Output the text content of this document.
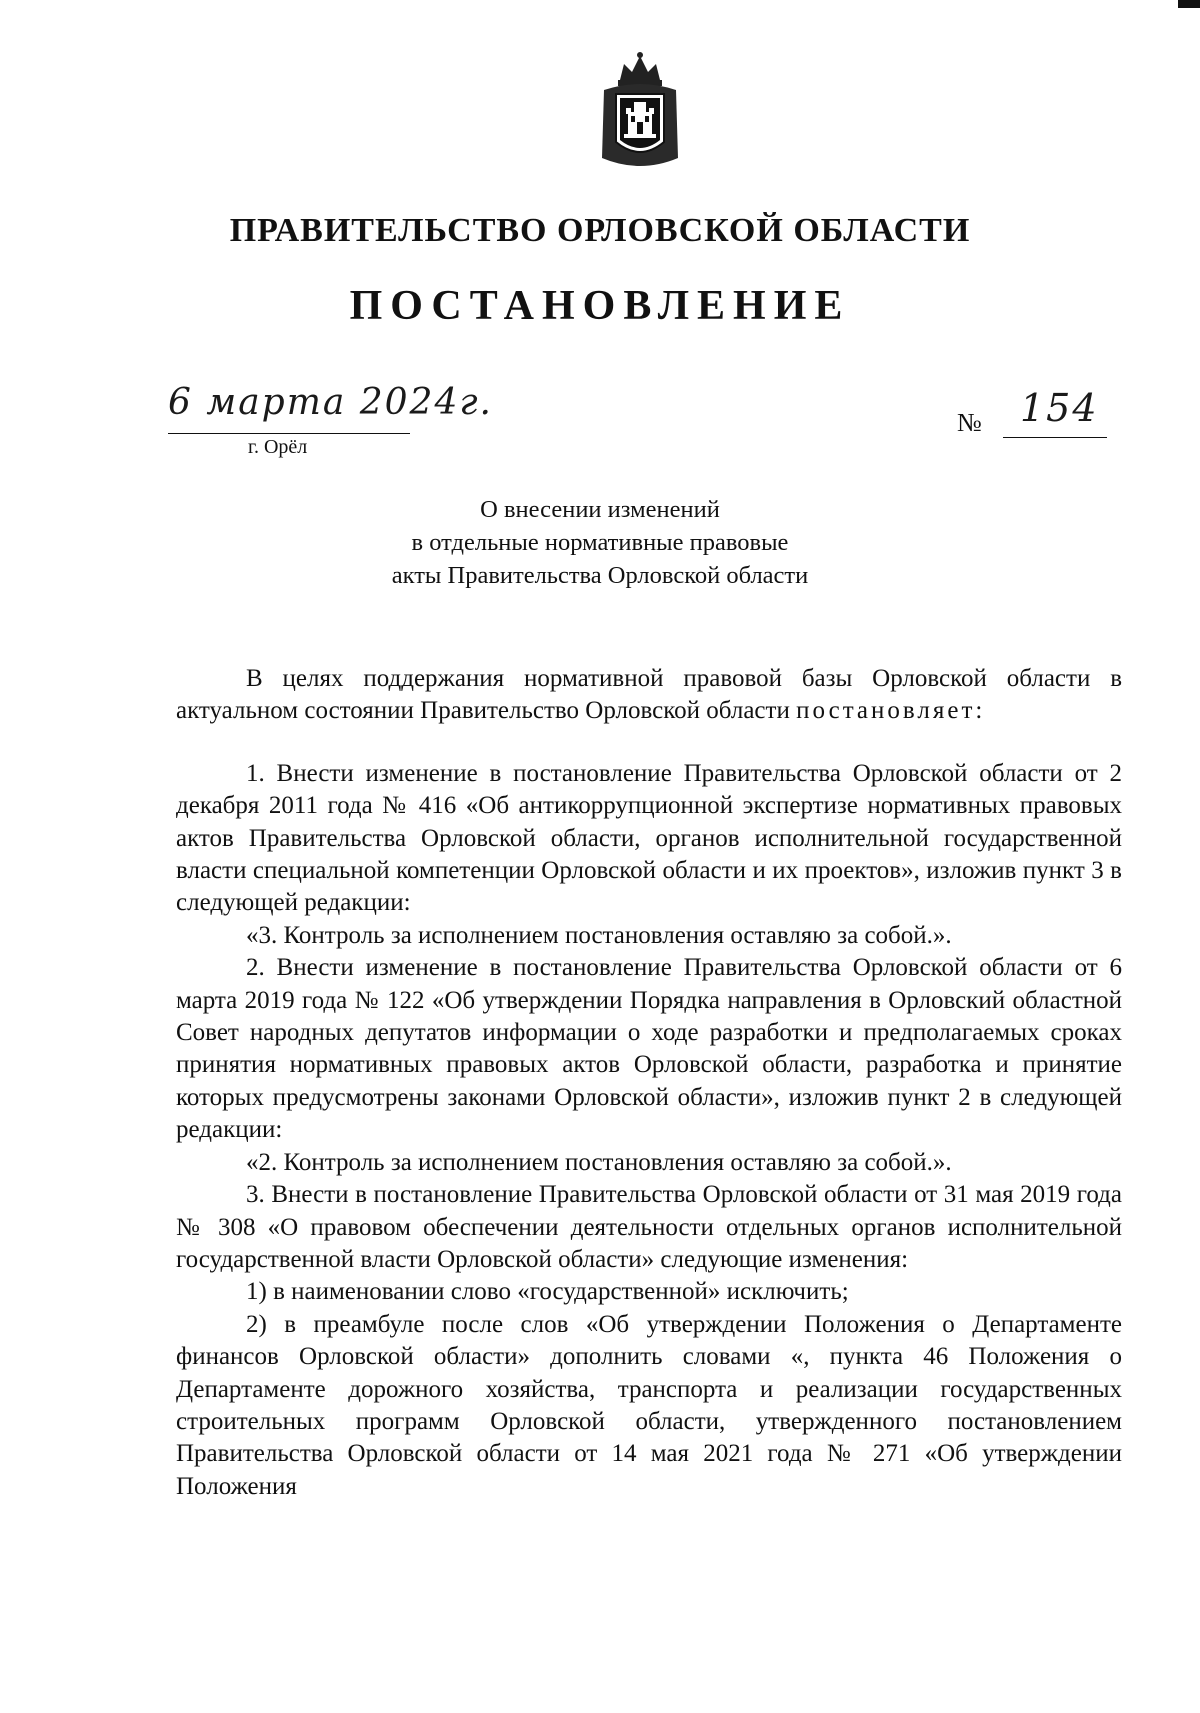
ПРАВИТЕЛЬСТВО ОРЛОВСКОЙ ОБЛАСТИ
ПОСТАНОВЛЕНИЕ
6 марта 2024г.
г. Орёл
№ 154
О внесении изменений
в отдельные нормативные правовые
акты Правительства Орловской области

В целях поддержания нормативной правовой базы Орловской области в актуальном состоянии Правительство Орловской области постановляет:

1. Внести изменение в постановление Правительства Орловской области от 2 декабря 2011 года № 416 «Об антикоррупционной экспертизе нормативных правовых актов Правительства Орловской области, органов исполнительной государственной власти специальной компетенции Орловской области и их проектов», изложив пункт 3 в следующей редакции:

«3. Контроль за исполнением постановления оставляю за собой.».

2. Внести изменение в постановление Правительства Орловской области от 6 марта 2019 года № 122 «Об утверждении Порядка направления в Орловский областной Совет народных депутатов информации о ходе разработки и предполагаемых сроках принятия нормативных правовых актов Орловской области, разработка и принятие которых предусмотрены законами Орловской области», изложив пункт 2 в следующей редакции:

«2. Контроль за исполнением постановления оставляю за собой.».

3. Внести в постановление Правительства Орловской области от 31 мая 2019 года № 308 «О правовом обеспечении деятельности отдельных органов исполнительной государственной власти Орловской области» следующие изменения:

1) в наименовании слово «государственной» исключить;

2) в преамбуле после слов «Об утверждении Положения о Департаменте финансов Орловской области» дополнить словами «, пункта 46 Положения о Департаменте дорожного хозяйства, транспорта и реализации государственных строительных программ Орловской области, утвержденного постановлением Правительства Орловской области от 14 мая 2021 года № 271 «Об утверждении Положения
